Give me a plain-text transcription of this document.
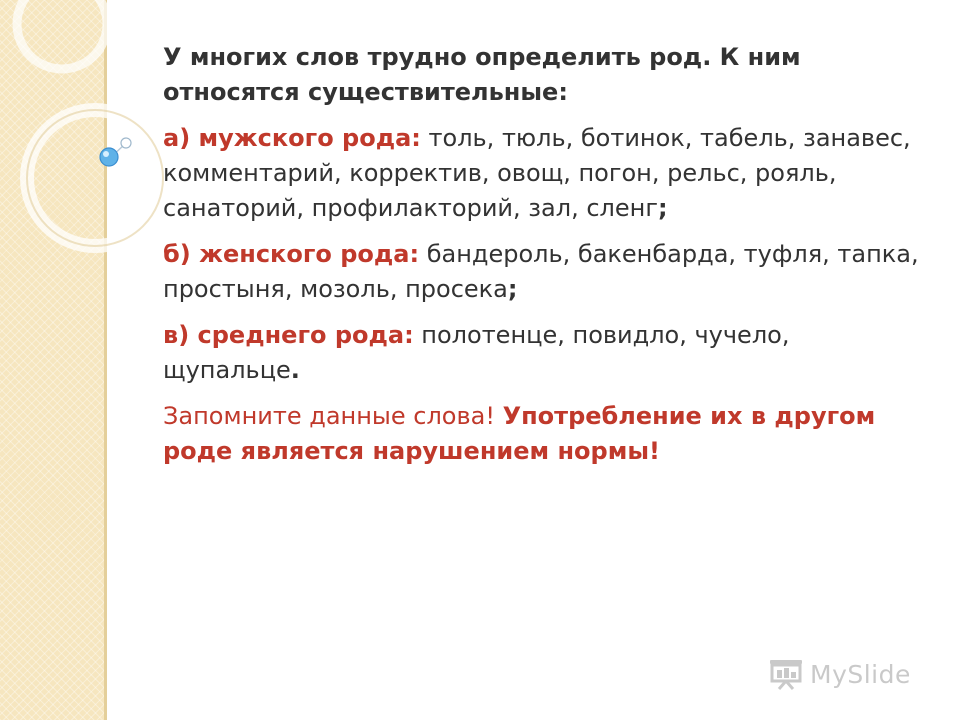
У многих слов трудно определить род. К ним относятся существительные:

а) мужского рода: толь, тюль, ботинок, табель, занавес, комментарий, корректив, овощ, погон, рельс, рояль, санаторий, профилакторий, зал, сленг;

б) женского рода: бандероль, бакенбарда, туфля, тапка, простыня, мозоль, просека;

в) среднего рода: полотенце, повидло, чучело, щупальце.

Запомните данные слова! Употребление их в другом роде является нарушением нормы!

MySlide
